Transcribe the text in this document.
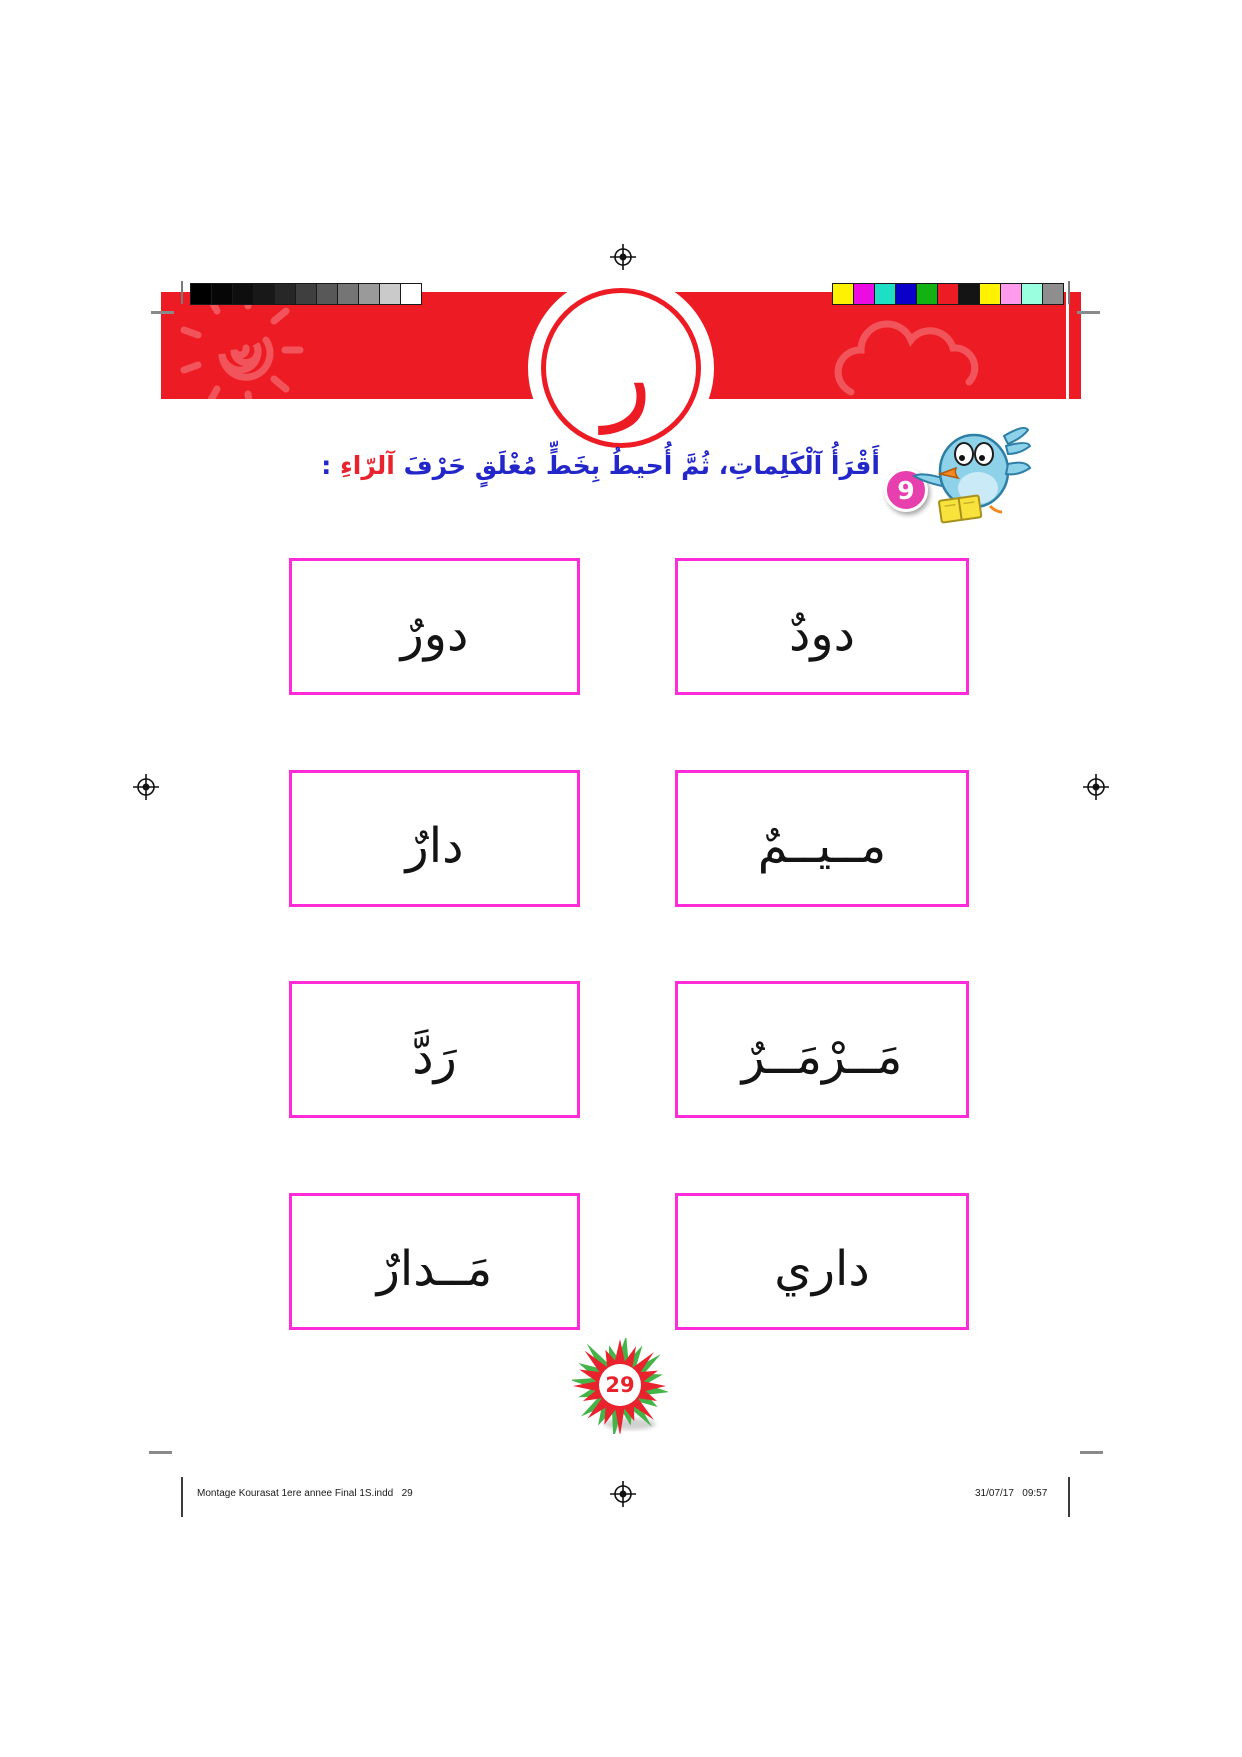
ر
أَقْرَأُ آلْكَلِماتِ، ثُمَّ أُحيطُ بِخَطٍّ مُغْلَقٍ حَرْفَ آلرّاءِ :
9
دودٌ
دورٌ
مــيــمٌ
دارٌ
مَــرْمَــرٌ
رَدَّ
داري
مَــدارٌ
29
Montage Kourasat 1ere annee Final 1S.indd   29	31/07/17   09:57
